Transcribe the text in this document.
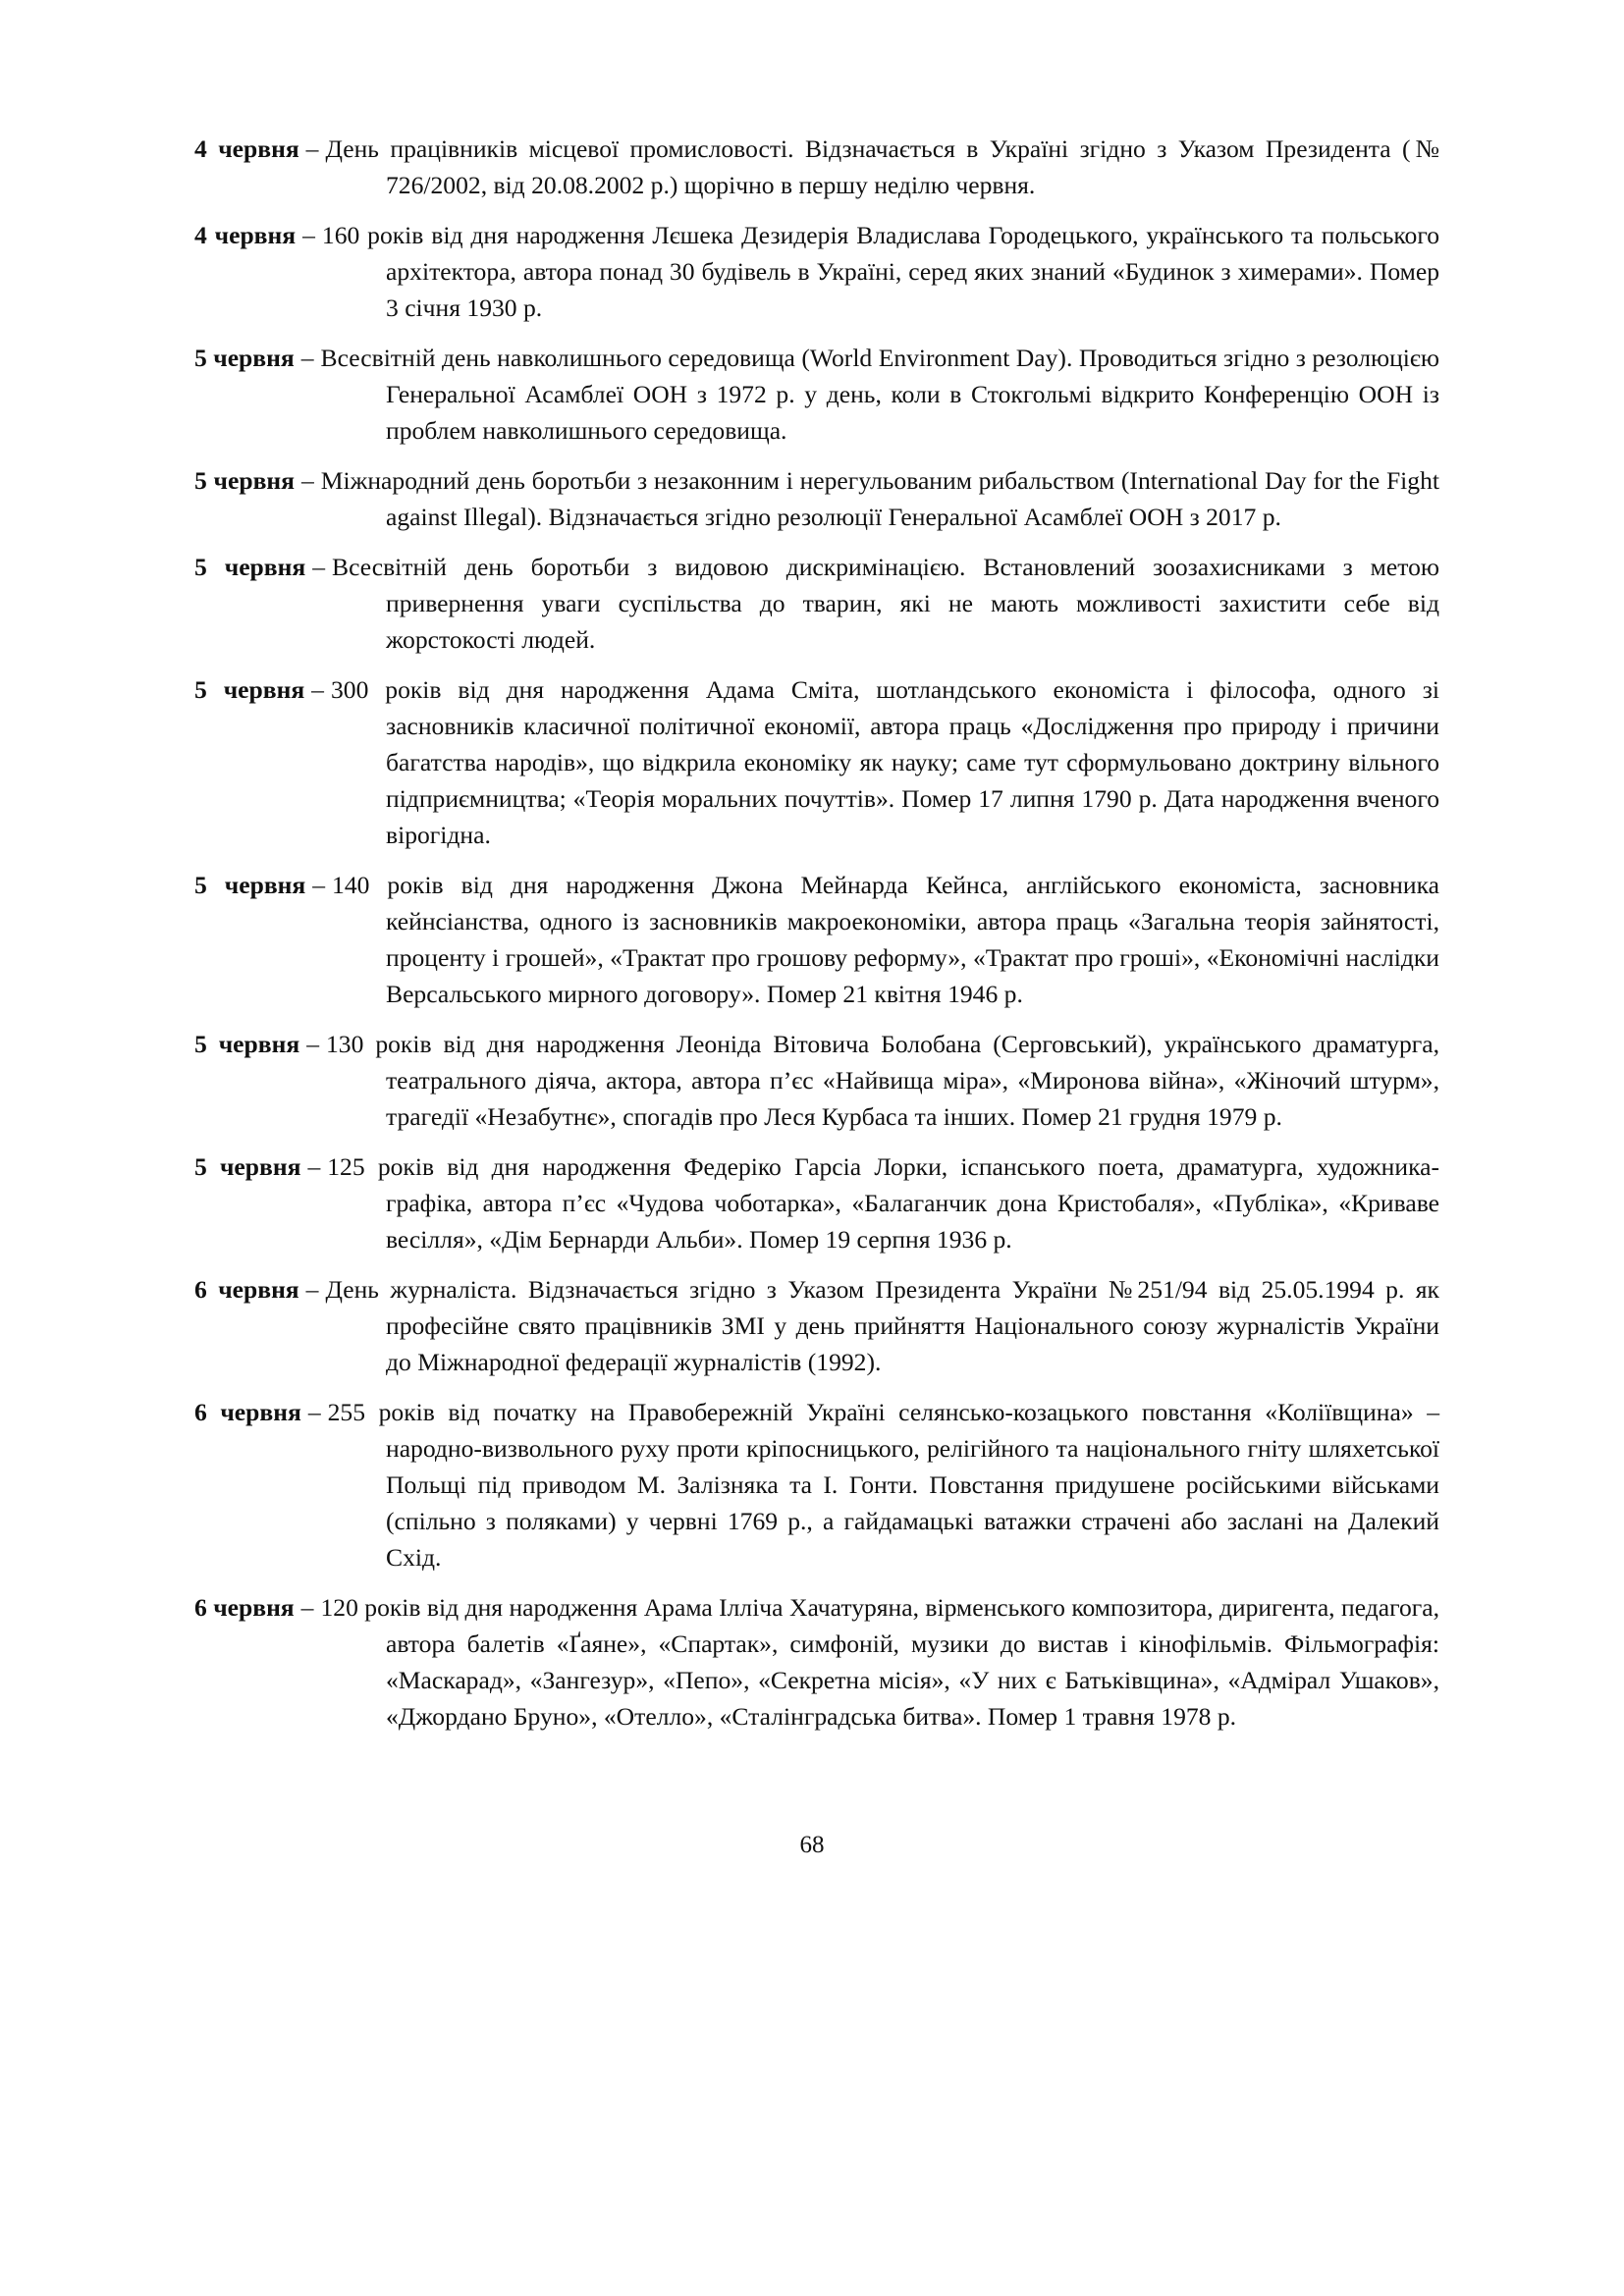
4 червня – День працівників місцевої промисловості. Відзначається в Україні згідно з Указом Президента (№ 726/2002, від 20.08.2002 р.) щорічно в першу неділю червня.

4 червня – 160 років від дня народження Лєшека Дезидерія Владислава Городецького, українського та польського архітектора, автора понад 30 будівель в Україні, серед яких знаний «Будинок з химерами». Помер 3 січня 1930 р.

5 червня – Всесвітній день навколишнього середовища (World Environment Day). Проводиться згідно з резолюцією Генеральної Асамблеї ООН з 1972 р. у день, коли в Стокгольмі відкрито Конференцію ООН із проблем навколишнього середовища.

5 червня – Міжнародний день боротьби з незаконним і нерегульованим рибальством (International Day for the Fight against Illegal). Відзначається згідно резолюції Генеральної Асамблеї ООН з 2017 р.

5 червня – Всесвітній день боротьби з видовою дискримінацією. Встановлений зоозахисниками з метою привернення уваги суспільства до тварин, які не мають можливості захистити себе від жорстокості людей.

5 червня – 300 років від дня народження Адама Сміта, шотландського економіста і філософа, одного зі засновників класичної політичної економії, автора праць «Дослідження про природу і причини багатства народів», що відкрила економіку як науку; саме тут сформульовано доктрину вільного підприємництва; «Теорія моральних почуттів». Помер 17 липня 1790 р. Дата народження вченого вірогідна.

5 червня – 140 років від дня народження Джона Мейнарда Кейнса, англійського економіста, засновника кейнсіанства, одного із засновників макроекономіки, автора праць «Загальна теорія зайнятості, проценту і грошей», «Трактат про грошову реформу», «Трактат про гроші», «Економічні наслідки Версальського мирного договору». Помер 21 квітня 1946 р.

5 червня – 130 років від дня народження Леоніда Вітовича Болобана (Серговський), українського драматурга, театрального діяча, актора, автора п’єс «Найвища міра», «Миронова війна», «Жіночий штурм», трагедії «Незабутнє», спогадів про Леся Курбаса та інших. Помер 21 грудня 1979 р.

5 червня – 125 років від дня народження Федеріко Гарсіа Лорки, іспанського поета, драматурга, художника-графіка, автора п’єс «Чудова чоботарка», «Балаганчик дона Кристобаля», «Публіка», «Криваве весілля», «Дім Бернарди Альби». Помер 19 серпня 1936 р.

6 червня – День журналіста. Відзначається згідно з Указом Президента України №251/94 від 25.05.1994 р. як професійне свято працівників ЗМІ у день прийняття Національного союзу журналістів України до Міжнародної федерації журналістів (1992).

6 червня – 255 років від початку на Правобережній Україні селянсько-козацького повстання «Коліївщина» – народно-визвольного руху проти кріпосницького, релігійного та національного гніту шляхетської Польщі під приводом М. Залізняка та І. Гонти. Повстання придушене російськими військами (спільно з поляками) у червні 1769 р., а гайдамацькі ватажки страчені або заслані на Далекий Схід.

6 червня – 120 років від дня народження Арама Ілліча Хачатуряна, вірменського композитора, диригента, педагога, автора балетів «Ґаяне», «Спартак», симфоній, музики до вистав і кінофільмів. Фільмографія: «Маскарад», «Зангезур», «Пепо», «Секретна місія», «У них є Батьківщина», «Адмірал Ушаков», «Джордано Бруно», «Отелло», «Сталінградська битва». Помер 1 травня 1978 р.

68
